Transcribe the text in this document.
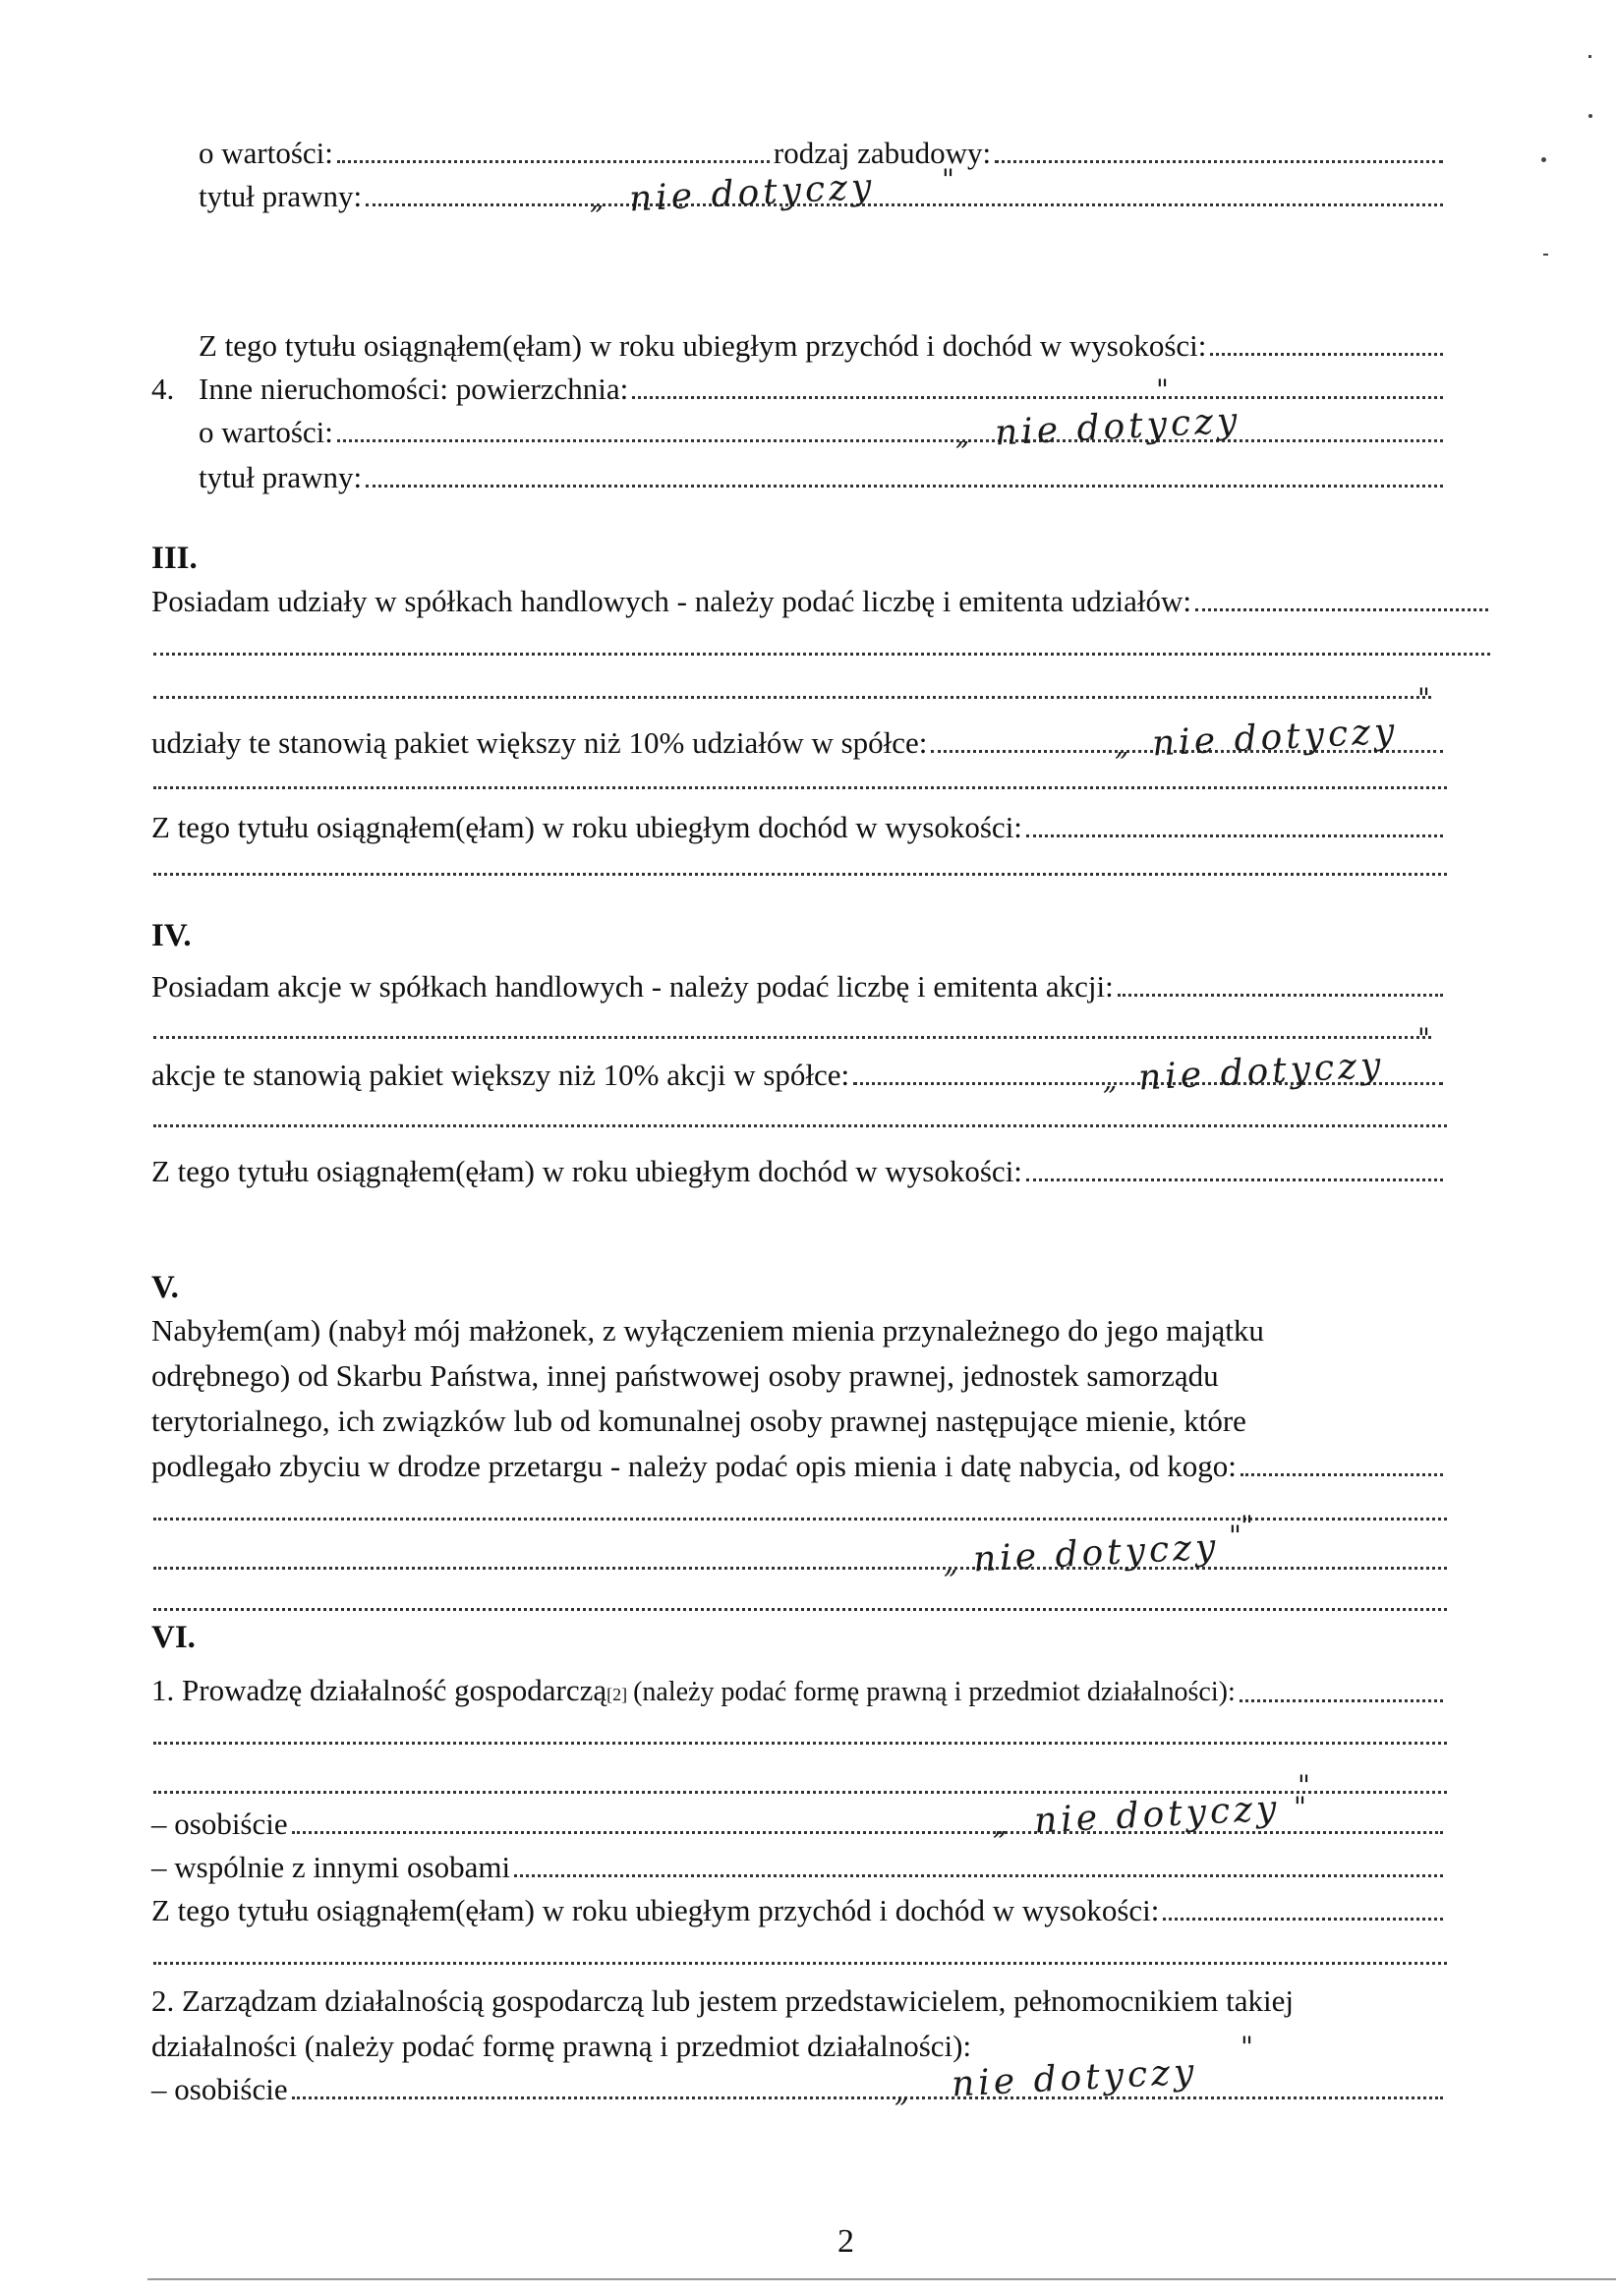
o wartości:	rodzaj zabudowy:
tytuł prawny:	nie dotyczy
„
"
Z tego tytułu osiągnąłem(ęłam) w roku ubiegłym przychód i dochód w wysokości:
4. Inne nieruchomości: powierzchnia:	"
o wartości:	nie dotyczy
„
tytuł prawny:
III.
Posiadam udziały w spółkach handlowych - należy podać liczbę i emitenta udziałów:
"
udziały te stanowią pakiet większy niż 10% udziałów w spółce:	nie dotyczy
„
Z tego tytułu osiągnąłem(ęłam) w roku ubiegłym dochód w wysokości:
IV.
Posiadam akcje w spółkach handlowych - należy podać liczbę i emitenta akcji:
"
akcje te stanowią pakiet większy niż 10% akcji w spółce:	nie dotyczy
„
Z tego tytułu osiągnąłem(ęłam) w roku ubiegłym dochód w wysokości:
V.
Nabyłem(am) (nabył mój małżonek, z wyłączeniem mienia przynależnego do jego majątku
odrębnego) od Skarbu Państwa, innej państwowej osoby prawnej, jednostek samorządu
terytorialnego, ich związków lub od komunalnej osoby prawnej następujące mienie, które
podlegało zbyciu w drodze przetargu - należy podać opis mienia i datę nabycia, od kogo:
"
nie dotyczy
„
"
VI.
1. Prowadzę działalność gospodarczą [2] (należy podać formę prawną i przedmiot działalności):
"
– osobiście	nie dotyczy
„
"
– wspólnie z innymi osobami
Z tego tytułu osiągnąłem(ęłam) w roku ubiegłym przychód i dochód w wysokości:
2. Zarządzam działalnością gospodarczą lub jestem przedstawicielem, pełnomocnikiem takiej
działalności (należy podać formę prawną i przedmiot działalności):	"
– osobiście	nie dotyczy
„
2
